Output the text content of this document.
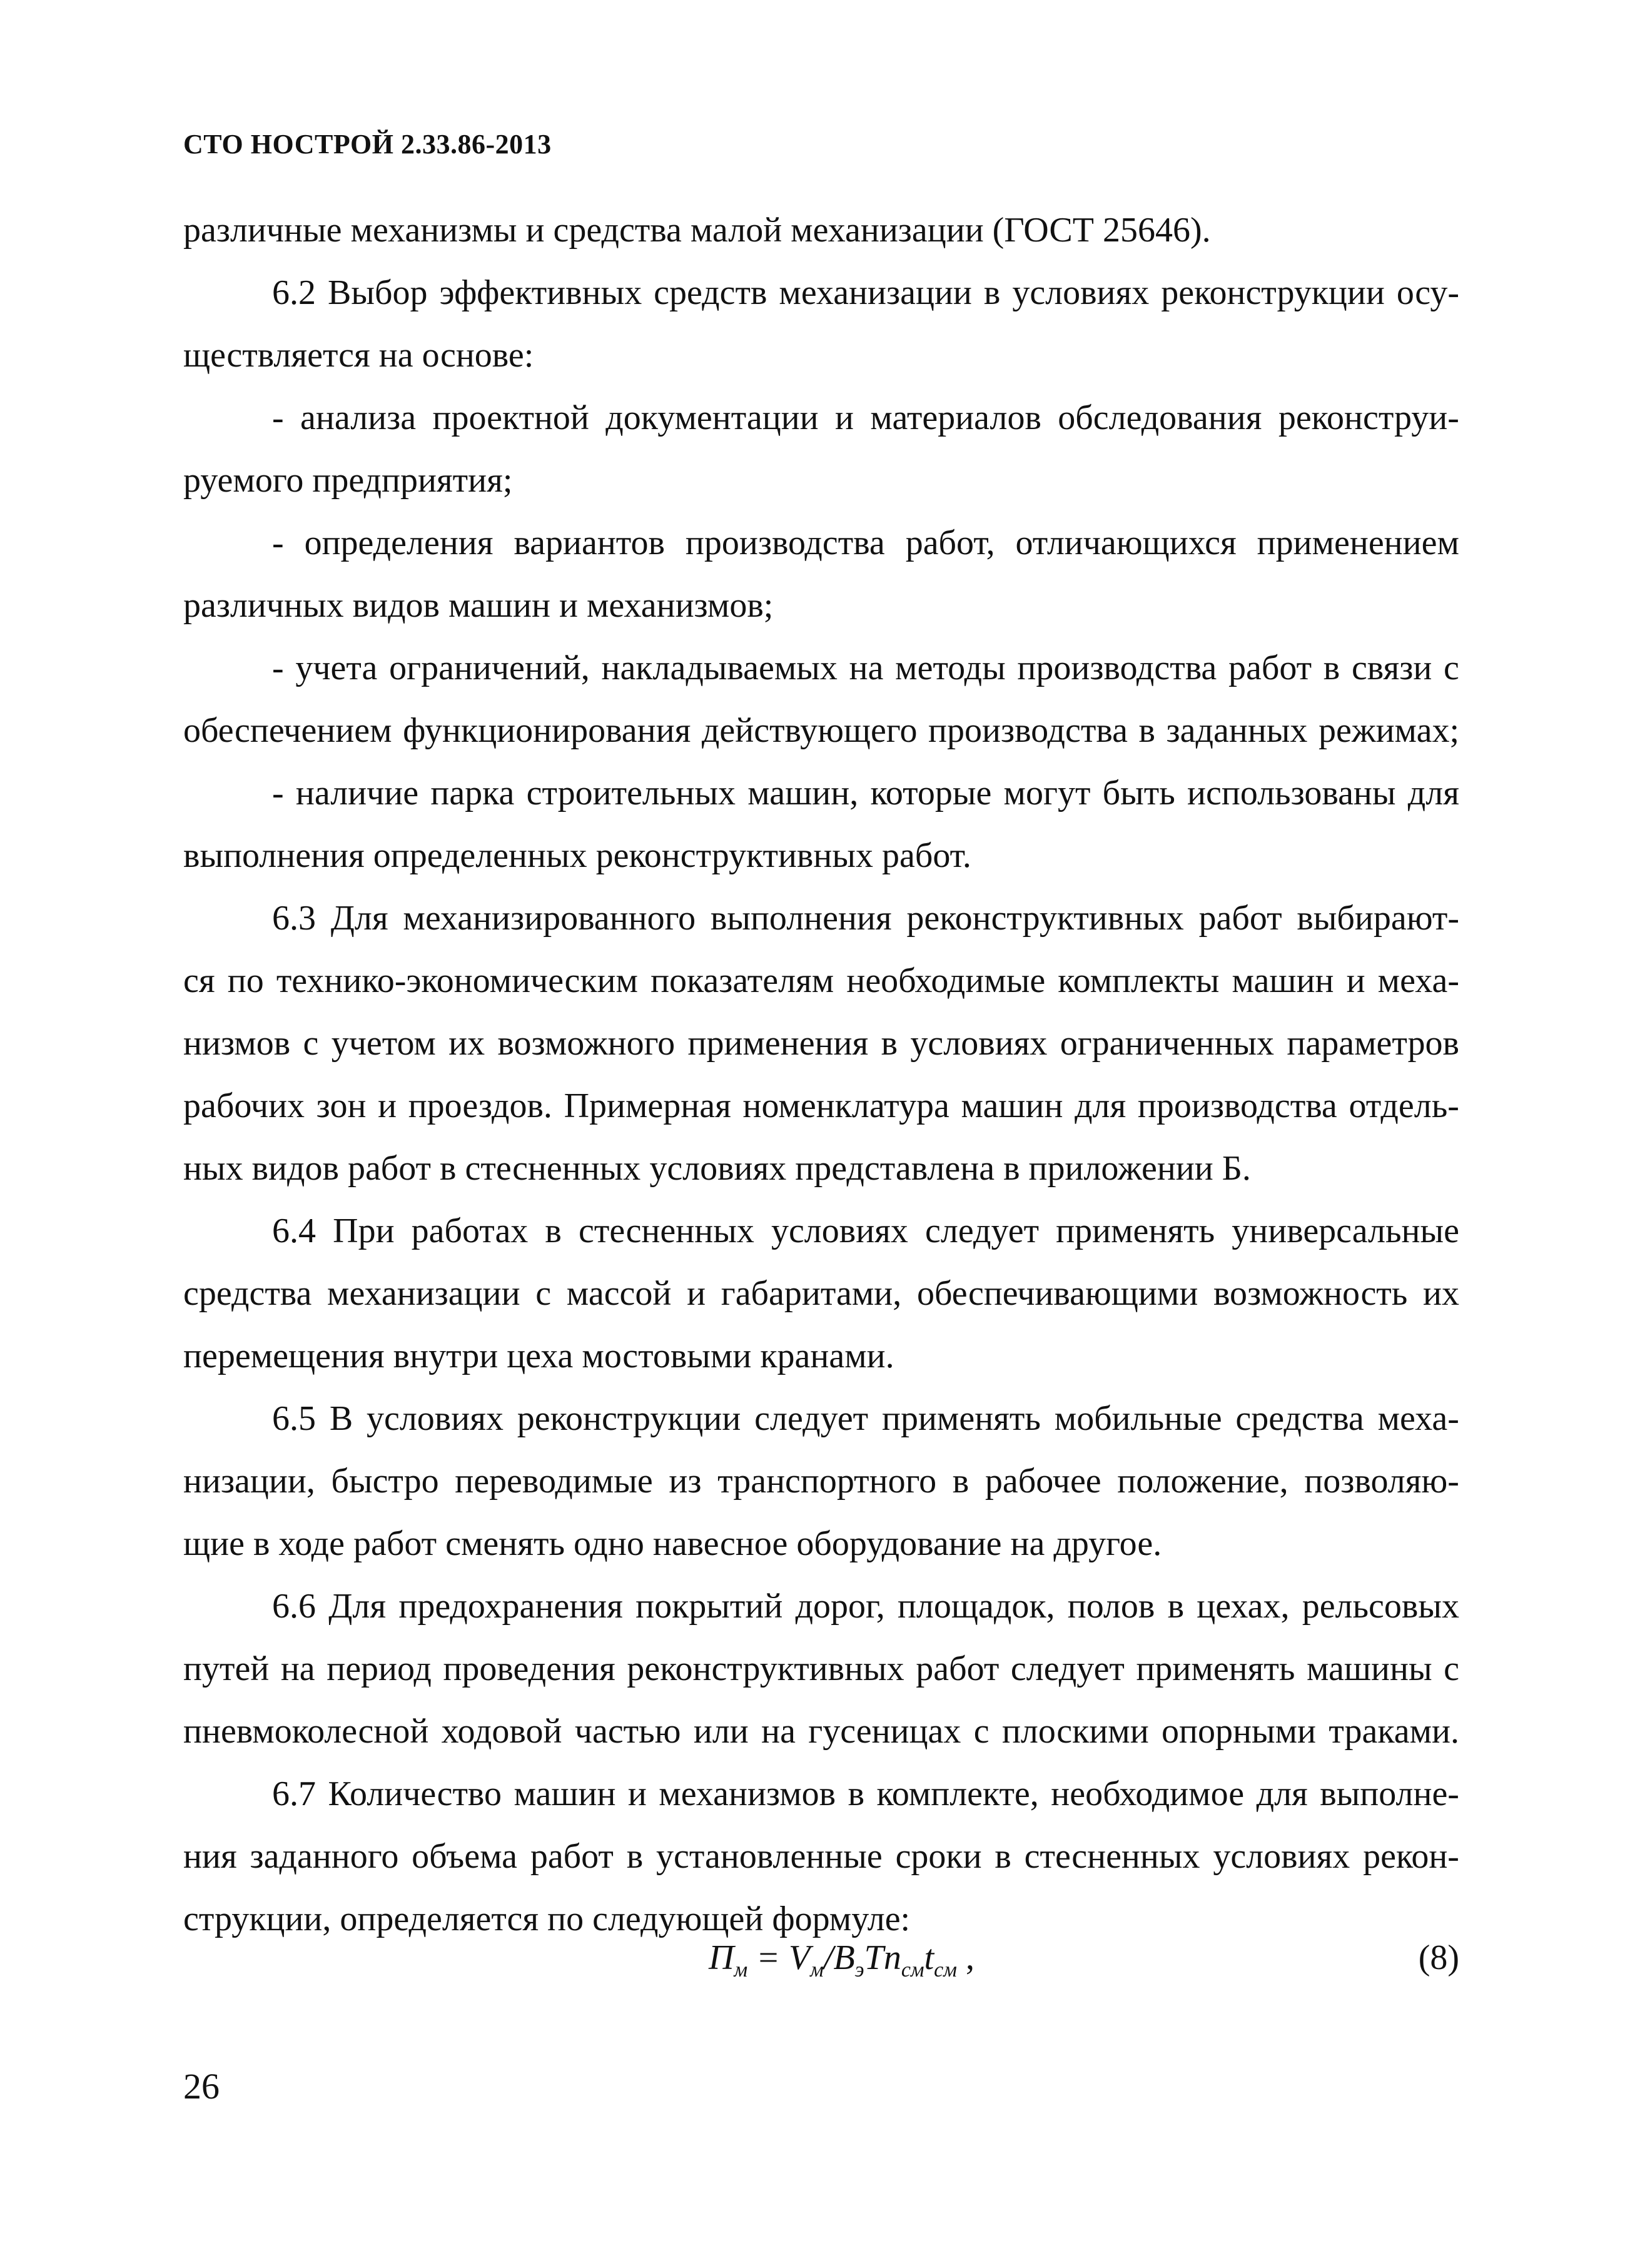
СТО НОСТРОЙ 2.33.86-2013
различные механизмы и средства малой механизации (ГОСТ 25646).
6.2 Выбор эффективных средств механизации в условиях реконструкции осу-
ществляется на основе:
- анализа проектной документации и материалов обследования реконструи-
руемого предприятия;
- определения вариантов производства работ, отличающихся применением
различных видов машин и механизмов;
- учета ограничений, накладываемых на методы производства работ в связи с
обеспечением функционирования действующего производства в заданных режимах;
- наличие парка строительных машин, которые могут быть использованы для
выполнения определенных реконструктивных работ.
6.3 Для механизированного выполнения реконструктивных работ выбирают-
ся по технико-экономическим показателям необходимые комплекты машин и меха-
низмов с учетом их возможного применения в условиях ограниченных параметров
рабочих зон и проездов. Примерная номенклатура машин для производства отдель-
ных видов работ в стесненных условиях представлена в приложении Б.
6.4 При работах в стесненных условиях следует применять универсальные
средства механизации с массой и габаритами, обеспечивающими возможность их
перемещения внутри цеха мостовыми кранами.
6.5 В условиях реконструкции следует применять мобильные средства меха-
низации, быстро переводимые из транспортного в рабочее положение, позволяю-
щие в ходе работ сменять одно навесное оборудование на другое.
6.6 Для предохранения покрытий дорог, площадок, полов в цехах, рельсовых
путей на период проведения реконструктивных работ следует применять машины с
пневмоколесной ходовой частью или на гусеницах с плоскими опорными траками.
6.7 Количество машин и механизмов в комплекте, необходимое для выполне-
ния заданного объема работ в установленные сроки в стесненных условиях рекон-
струкции, определяется по следующей формуле:
$П_м = V_м/B_эTn_{см}t_{см}$ ,	(8)
26
